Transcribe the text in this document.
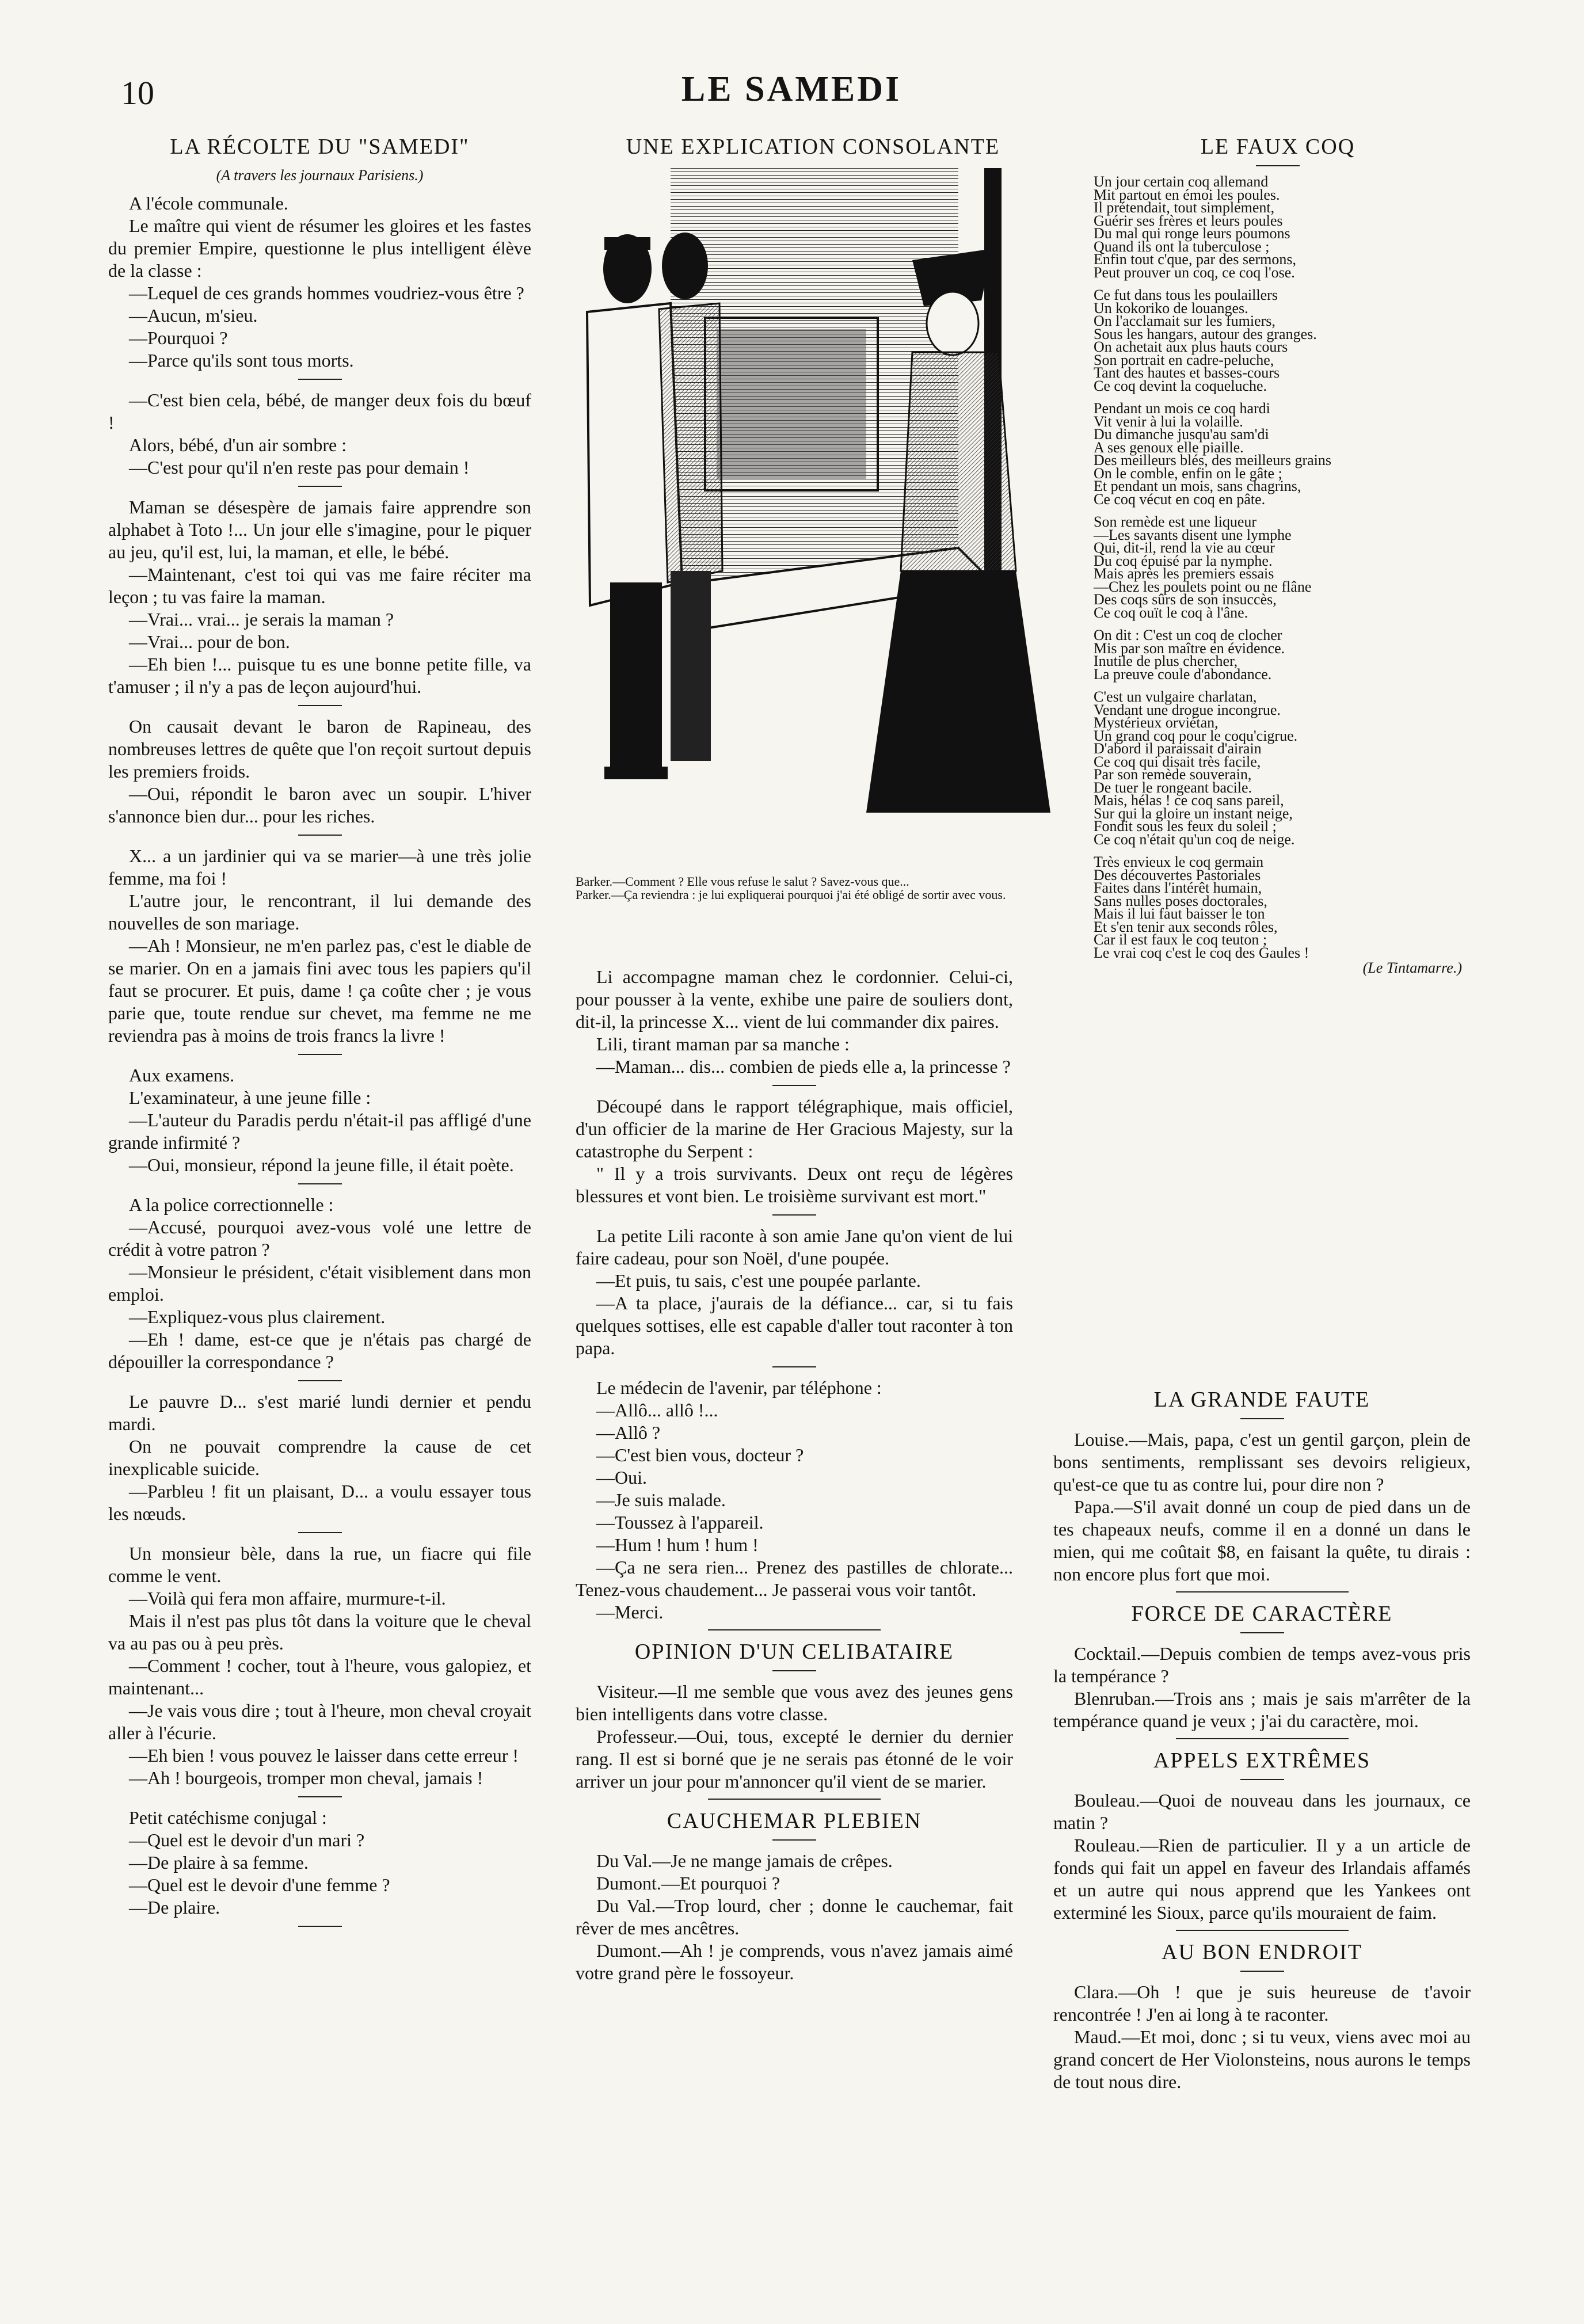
10	LE SAMEDI
LA RÉCOLTE DU "SAMEDI"
(A travers les journaux Parisiens.)

A l'école communale.

Le maître qui vient de résumer les gloires et les fastes du premier Empire, questionne le plus intelligent élève de la classe :

—Lequel de ces grands hommes voudriez-vous être ?

—Aucun, m'sieu.

—Pourquoi ?

—Parce qu'ils sont tous morts.

—C'est bien cela, bébé, de manger deux fois du bœuf !

Alors, bébé, d'un air sombre :

—C'est pour qu'il n'en reste pas pour demain !

Maman se désespère de jamais faire apprendre son alphabet à Toto !... Un jour elle s'imagine, pour le piquer au jeu, qu'il est, lui, la maman, et elle, le bébé.

—Maintenant, c'est toi qui vas me faire réciter ma leçon ; tu vas faire la maman.

—Vrai... vrai... je serais la maman ?

—Vrai... pour de bon.

—Eh bien !... puisque tu es une bonne petite fille, va t'amuser ; il n'y a pas de leçon aujourd'hui.

On causait devant le baron de Rapineau, des nombreuses lettres de quête que l'on reçoit surtout depuis les premiers froids.

—Oui, répondit le baron avec un soupir. L'hiver s'annonce bien dur... pour les riches.

X... a un jardinier qui va se marier—à une très jolie femme, ma foi !

L'autre jour, le rencontrant, il lui demande des nouvelles de son mariage.

—Ah ! Monsieur, ne m'en parlez pas, c'est le diable de se marier. On en a jamais fini avec tous les papiers qu'il faut se procurer. Et puis, dame ! ça coûte cher ; je vous parie que, toute rendue sur chevet, ma femme ne me reviendra pas à moins de trois francs la livre !

Aux examens.

L'examinateur, à une jeune fille :

—L'auteur du Paradis perdu n'était-il pas affligé d'une grande infirmité ?

—Oui, monsieur, répond la jeune fille, il était poète.

A la police correctionnelle :

—Accusé, pourquoi avez-vous volé une lettre de crédit à votre patron ?

—Monsieur le président, c'était visiblement dans mon emploi.

—Expliquez-vous plus clairement.

—Eh ! dame, est-ce que je n'étais pas chargé de dépouiller la correspondance ?

Le pauvre D... s'est marié lundi dernier et pendu mardi.

On ne pouvait comprendre la cause de cet inexplicable suicide.

—Parbleu ! fit un plaisant, D... a voulu essayer tous les nœuds.

Un monsieur bèle, dans la rue, un fiacre qui file comme le vent.

—Voilà qui fera mon affaire, murmure-t-il.

Mais il n'est pas plus tôt dans la voiture que le cheval va au pas ou à peu près.

—Comment ! cocher, tout à l'heure, vous galopiez, et maintenant...

—Je vais vous dire ; tout à l'heure, mon cheval croyait aller à l'écurie.

—Eh bien ! vous pouvez le laisser dans cette erreur !

—Ah ! bourgeois, tromper mon cheval, jamais !

Petit catéchisme conjugal :

—Quel est le devoir d'un mari ?

—De plaire à sa femme.

—Quel est le devoir d'une femme ?

—De plaire.

UNE EXPLICATION CONSOLANTE

Barker.—Comment ? Elle vous refuse le salut ? Savez-vous que...

Parker.—Ça reviendra : je lui expliquerai pourquoi j'ai été obligé de sortir avec vous.

Li accompagne maman chez le cordonnier. Celui-ci, pour pousser à la vente, exhibe une paire de souliers dont, dit-il, la princesse X... vient de lui commander dix paires.

Lili, tirant maman par sa manche :

—Maman... dis... combien de pieds elle a, la princesse ?

Découpé dans le rapport télégraphique, mais officiel, d'un officier de la marine de Her Gracious Majesty, sur la catastrophe du Serpent :

" Il y a trois survivants. Deux ont reçu de légères blessures et vont bien. Le troisième survivant est mort."

La petite Lili raconte à son amie Jane qu'on vient de lui faire cadeau, pour son Noël, d'une poupée.

—Et puis, tu sais, c'est une poupée parlante.

—A ta place, j'aurais de la défiance... car, si tu fais quelques sottises, elle est capable d'aller tout raconter à ton papa.

Le médecin de l'avenir, par téléphone :

—Allô... allô !...

—Allô ?

—C'est bien vous, docteur ?

—Oui.

—Je suis malade.

—Toussez à l'appareil.

—Hum ! hum ! hum !

—Ça ne sera rien... Prenez des pastilles de chlorate... Tenez-vous chaudement... Je passerai vous voir tantôt.

—Merci.

OPINION D'UN CELIBATAIRE

Visiteur.—Il me semble que vous avez des jeunes gens bien intelligents dans votre classe.

Professeur.—Oui, tous, excepté le dernier du dernier rang. Il est si borné que je ne serais pas étonné de le voir arriver un jour pour m'annoncer qu'il vient de se marier.

CAUCHEMAR PLEBIEN

Du Val.—Je ne mange jamais de crêpes.

Dumont.—Et pourquoi ?

Du Val.—Trop lourd, cher ; donne le cauchemar, fait rêver de mes ancêtres.

Dumont.—Ah ! je comprends, vous n'avez jamais aimé votre grand père le fossoyeur.

LE FAUX COQ
Un jour certain coq allemand
Mit partout en émoi les poules.
Il prétendait, tout simplement,
Guérir ses frères et leurs poules
Du mal qui ronge leurs poumons
Quand ils ont la tuberculose ;
Enfin tout c'que, par des sermons,
Peut prouver un coq, ce coq l'ose.
Ce fut dans tous les poulaillers
Un kokoriko de louanges.
On l'acclamait sur les fumiers,
Sous les hangars, autour des granges.
On achetait aux plus hauts cours
Son portrait en cadre-peluche,
Tant des hautes et basses-cours
Ce coq devint la coqueluche.
Pendant un mois ce coq hardi
Vit venir à lui la volaille.
Du dimanche jusqu'au sam'di
A ses genoux elle piaille.
Des meilleurs blés, des meilleurs grains
On le comble, enfin on le gâte ;
Et pendant un mois, sans chagrins,
Ce coq vécut en coq en pâte.
Son remède est une liqueur
—Les savants disent une lymphe
Qui, dit-il, rend la vie au cœur
Du coq épuisé par la nymphe.
Mais après les premiers essais
—Chez les poulets point ou ne flâne
Des coqs sûrs de son insuccès,
Ce coq ouït le coq à l'âne.
On dit : C'est un coq de clocher
Mis par son maître en évidence.
Inutile de plus chercher,
La preuve coule d'abondance.
C'est un vulgaire charlatan,
Vendant une drogue incongrue.
Mystérieux orviétan,
Un grand coq pour le coqu'cigrue.
D'abord il paraissait d'airain
Ce coq qui disait très facile,
Par son remède souverain,
De tuer le rongeant bacile.
Mais, hélas ! ce coq sans pareil,
Sur qui la gloire un instant neige,
Fondit sous les feux du soleil ;
Ce coq n'était qu'un coq de neige.
Très envieux le coq germain
Des découvertes Pastoriales
Faites dans l'intérêt humain,
Sans nulles poses doctorales,
Mais il lui faut baisser le ton
Et s'en tenir aux seconds rôles,
Car il est faux le coq teuton ;
Le vrai coq c'est le coq des Gaules !
(Le Tintamarre.)
LA GRANDE FAUTE

Louise.—Mais, papa, c'est un gentil garçon, plein de bons sentiments, remplissant ses devoirs religieux, qu'est-ce que tu as contre lui, pour dire non ?

Papa.—S'il avait donné un coup de pied dans un de tes chapeaux neufs, comme il en a donné un dans le mien, qui me coûtait $8, en faisant la quête, tu dirais : non encore plus fort que moi.

FORCE DE CARACTÈRE

Cocktail.—Depuis combien de temps avez-vous pris la tempérance ?

Blenruban.—Trois ans ; mais je sais m'arrêter de la tempérance quand je veux ; j'ai du caractère, moi.

APPELS EXTRÊMES

Bouleau.—Quoi de nouveau dans les journaux, ce matin ?

Rouleau.—Rien de particulier. Il y a un article de fonds qui fait un appel en faveur des Irlandais affamés et un autre qui nous apprend que les Yankees ont exterminé les Sioux, parce qu'ils mouraient de faim.

AU BON ENDROIT

Clara.—Oh ! que je suis heureuse de t'avoir rencontrée ! J'en ai long à te raconter.

Maud.—Et moi, donc ; si tu veux, viens avec moi au grand concert de Her Violonsteins, nous aurons le temps de tout nous dire.
